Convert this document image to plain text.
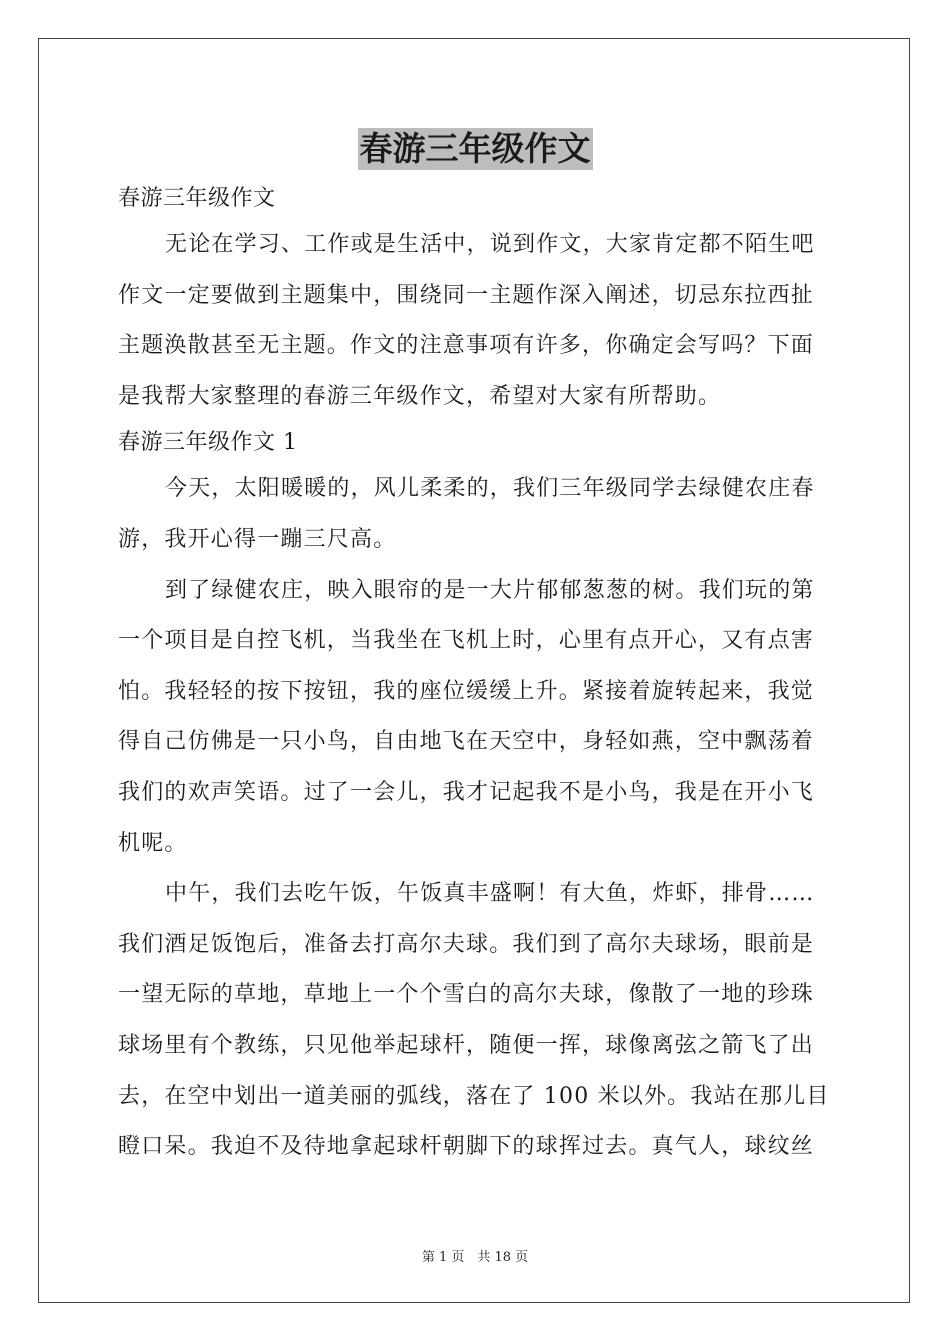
春游三年级作文
春游三年级作文
无论在学习、工作或是生活中，说到作文，大家肯定都不陌生吧
作文一定要做到主题集中，围绕同一主题作深入阐述，切忌东拉西扯
主题涣散甚至无主题。作文的注意事项有许多，你确定会写吗？下面
是我帮大家整理的春游三年级作文，希望对大家有所帮助。
春游三年级作文 1
今天，太阳暖暖的，风儿柔柔的，我们三年级同学去绿健农庄春
游，我开心得一蹦三尺高。
到了绿健农庄，映入眼帘的是一大片郁郁葱葱的树。我们玩的第
一个项目是自控飞机，当我坐在飞机上时，心里有点开心，又有点害
怕。我轻轻的按下按钮，我的座位缓缓上升。紧接着旋转起来，我觉
得自己仿佛是一只小鸟，自由地飞在天空中，身轻如燕，空中飘荡着
我们的欢声笑语。过了一会儿，我才记起我不是小鸟，我是在开小飞
机呢。
中午，我们去吃午饭，午饭真丰盛啊！有大鱼，炸虾，排骨……
我们酒足饭饱后，准备去打高尔夫球。我们到了高尔夫球场，眼前是
一望无际的草地，草地上一个个雪白的高尔夫球，像散了一地的珍珠
球场里有个教练，只见他举起球杆，随便一挥，球像离弦之箭飞了出
去，在空中划出一道美丽的弧线，落在了 100 米以外。我站在那儿目
瞪口呆。我迫不及待地拿起球杆朝脚下的球挥过去。真气人，球纹丝
第 1 页　共 18 页
